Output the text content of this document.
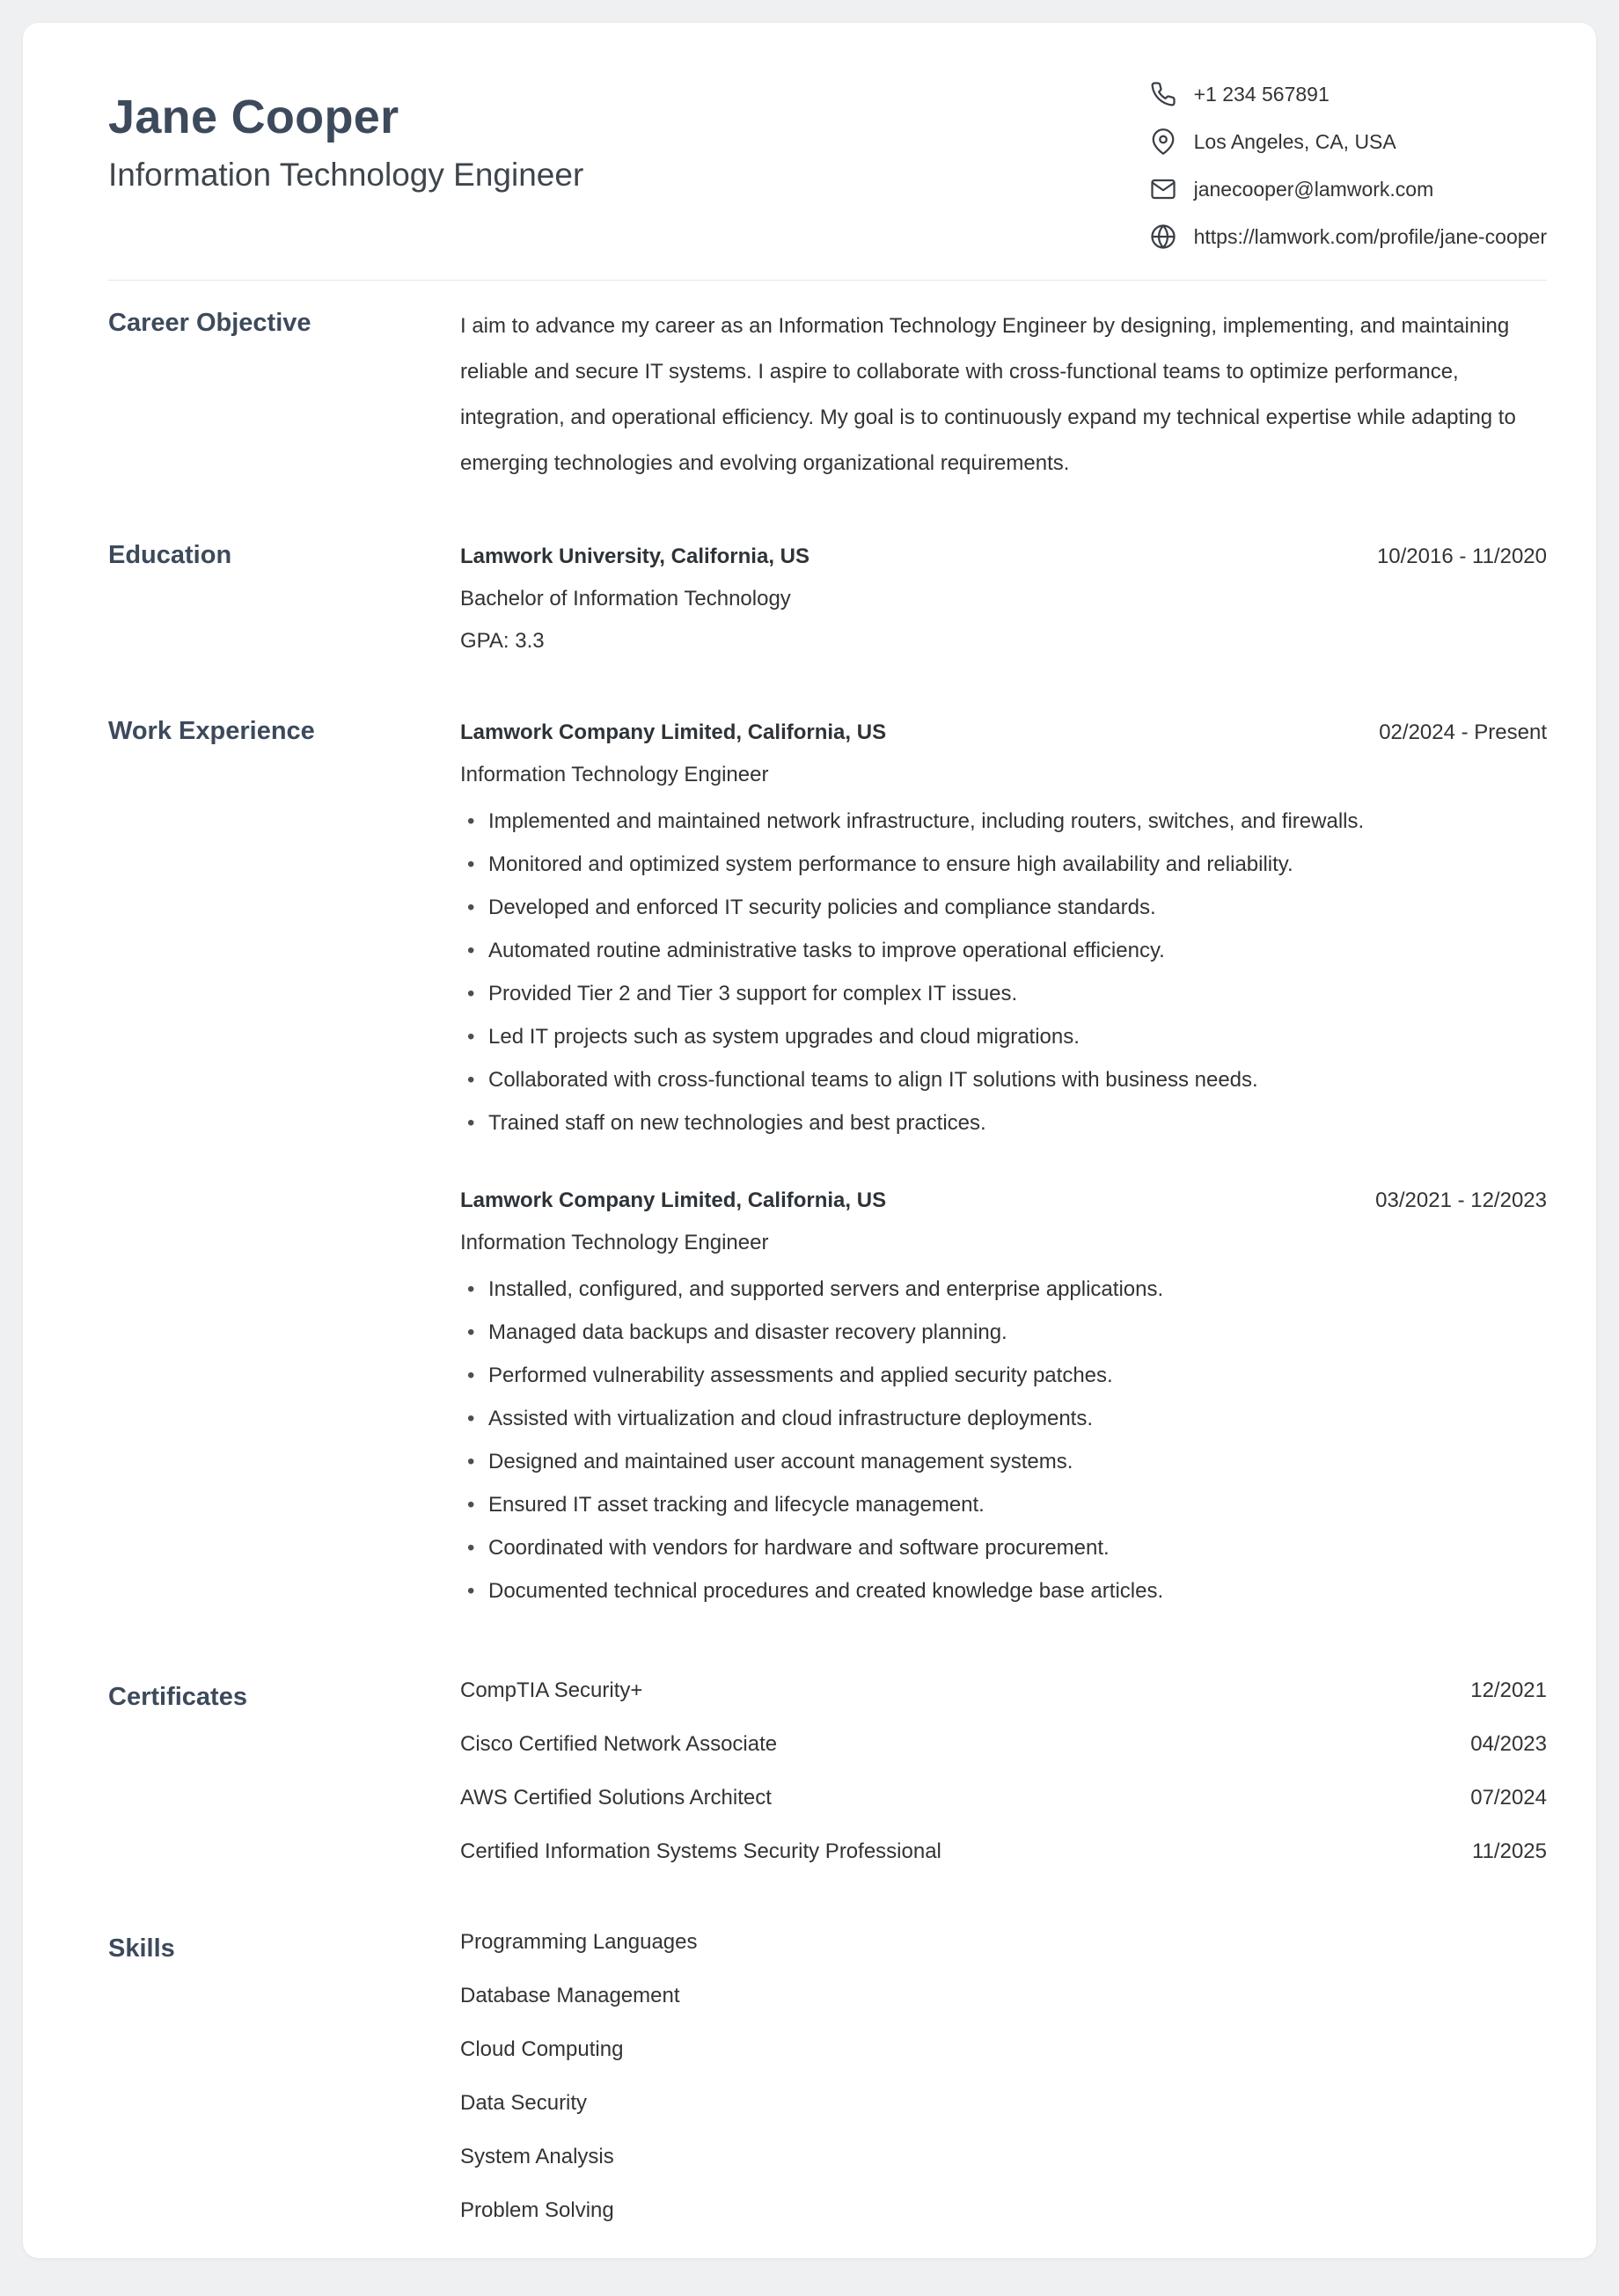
Jane Cooper
Information Technology Engineer
+1 234 567891
Los Angeles, CA, USA
janecooper@lamwork.com
https://lamwork.com/profile/jane-cooper
Career Objective	I aim to advance my career as an Information Technology Engineer by designing, implementing, and maintaining reliable and secure IT systems. I aspire to collaborate with cross-functional teams to optimize performance, integration, and operational efficiency. My goal is to continuously expand my technical expertise while adapting to emerging technologies and evolving organizational requirements.

Education	Lamwork University, California, US	10/2016 - 11/2020
Bachelor of Information Technology
GPA: 3.3
Work Experience	Lamwork Company Limited, California, US	02/2024 - Present
Information Technology Engineer
• Implemented and maintained network infrastructure, including routers, switches, and firewalls.
• Monitored and optimized system performance to ensure high availability and reliability.
• Developed and enforced IT security policies and compliance standards.
• Automated routine administrative tasks to improve operational efficiency.
• Provided Tier 2 and Tier 3 support for complex IT issues.
• Led IT projects such as system upgrades and cloud migrations.
• Collaborated with cross-functional teams to align IT solutions with business needs.
• Trained staff on new technologies and best practices.
Lamwork Company Limited, California, US	03/2021 - 12/2023
Information Technology Engineer
• Installed, configured, and supported servers and enterprise applications.
• Managed data backups and disaster recovery planning.
• Performed vulnerability assessments and applied security patches.
• Assisted with virtualization and cloud infrastructure deployments.
• Designed and maintained user account management systems.
• Ensured IT asset tracking and lifecycle management.
• Coordinated with vendors for hardware and software procurement.
• Documented technical procedures and created knowledge base articles.
Certificates	CompTIA Security+	12/2021
Cisco Certified Network Associate	04/2023
AWS Certified Solutions Architect	07/2024
Certified Information Systems Security Professional	11/2025
Skills	Programming Languages
Database Management
Cloud Computing
Data Security
System Analysis
Problem Solving
